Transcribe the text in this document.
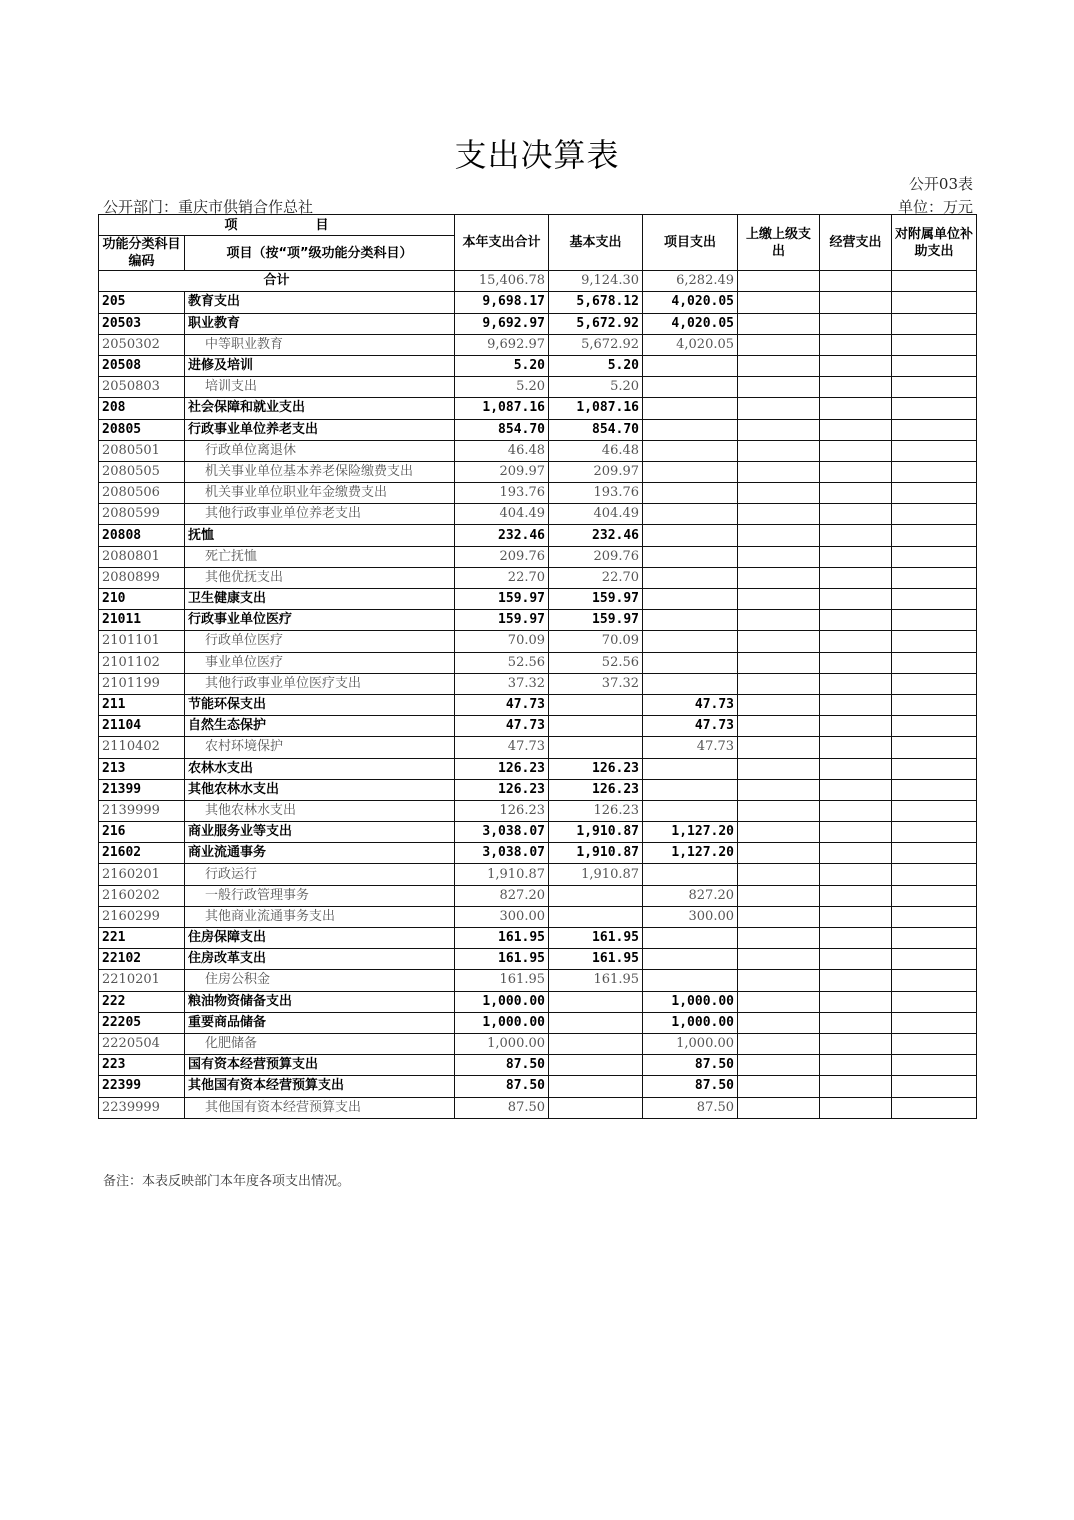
支出决算表
公开03表
公开部门：重庆市供销合作总社	单位：万元
项　　　　　　目		本年支出合计	基本支出	项目支出	上缴上级支出	经营支出	对附属单位补助支出
功能分类科目编码	项目（按“项”级功能分类科目）						
合计		15,406.78	9,124.30	6,282.49			
205	教育支出	9,698.17	5,678.12	4,020.05			
20503	职业教育	9,692.97	5,672.92	4,020.05			
2050302	中等职业教育	9,692.97	5,672.92	4,020.05			
20508	进修及培训	5.20	5.20				
2050803	培训支出	5.20	5.20				
208	社会保障和就业支出	1,087.16	1,087.16				
20805	行政事业单位养老支出	854.70	854.70				
2080501	行政单位离退休	46.48	46.48				
2080505	机关事业单位基本养老保险缴费支出	209.97	209.97				
2080506	机关事业单位职业年金缴费支出	193.76	193.76				
2080599	其他行政事业单位养老支出	404.49	404.49				
20808	抚恤	232.46	232.46				
2080801	死亡抚恤	209.76	209.76				
2080899	其他优抚支出	22.70	22.70				
210	卫生健康支出	159.97	159.97				
21011	行政事业单位医疗	159.97	159.97				
2101101	行政单位医疗	70.09	70.09				
2101102	事业单位医疗	52.56	52.56				
2101199	其他行政事业单位医疗支出	37.32	37.32				
211	节能环保支出	47.73		47.73			
21104	自然生态保护	47.73		47.73			
2110402	农村环境保护	47.73		47.73			
213	农林水支出	126.23	126.23				
21399	其他农林水支出	126.23	126.23				
2139999	其他农林水支出	126.23	126.23				
216	商业服务业等支出	3,038.07	1,910.87	1,127.20			
21602	商业流通事务	3,038.07	1,910.87	1,127.20			
2160201	行政运行	1,910.87	1,910.87				
2160202	一般行政管理事务	827.20		827.20			
2160299	其他商业流通事务支出	300.00		300.00			
221	住房保障支出	161.95	161.95				
22102	住房改革支出	161.95	161.95				
2210201	住房公积金	161.95	161.95				
222	粮油物资储备支出	1,000.00		1,000.00			
22205	重要商品储备	1,000.00		1,000.00			
2220504	化肥储备	1,000.00		1,000.00			
223	国有资本经营预算支出	87.50		87.50			
22399	其他国有资本经营预算支出	87.50		87.50			
2239999	其他国有资本经营预算支出	87.50		87.50			
备注：本表反映部门本年度各项支出情况。
